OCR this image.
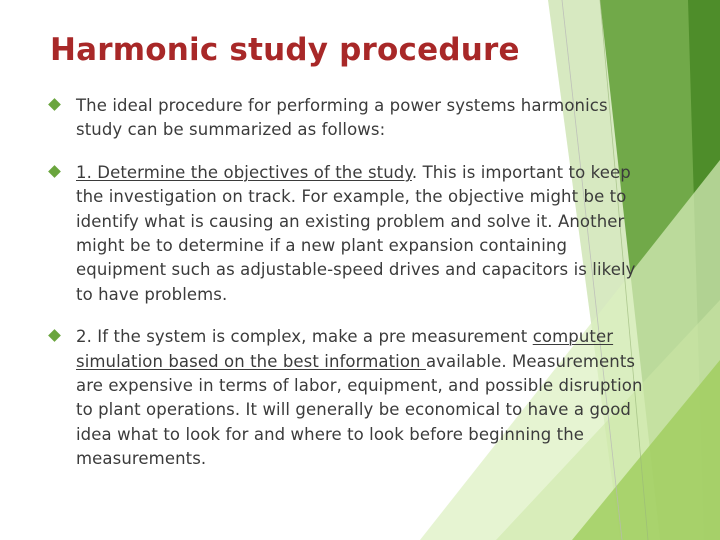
Harmonic study procedure
The ideal procedure for performing a power systems harmonics study can be summarized as follows:
1. Determine the objectives of the study. This is important to keep the investigation on track. For example, the objective might be to identify what is causing an existing problem and solve it. Another might be to determine if a new plant expansion containing equipment such as adjustable-speed drives and capacitors is likely to have problems.
2. If the system is complex, make a pre measurement computer simulation based on the best information available. Measurements are expensive in terms of labor, equipment, and possible disruption to plant operations. It will generally be economical to have a good idea what to look for and where to look before beginning the measurements.
